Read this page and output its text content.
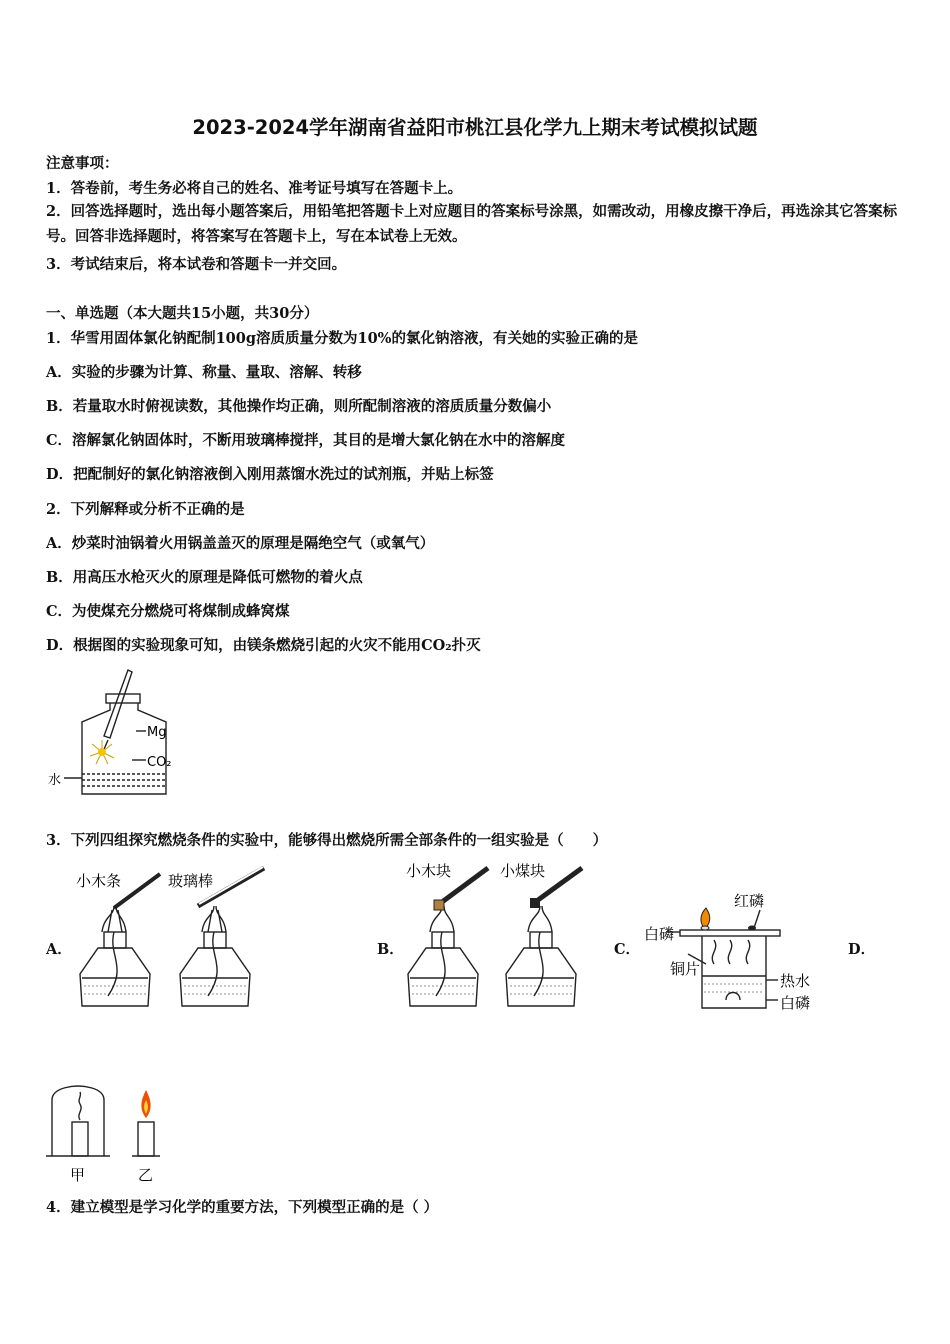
2023-2024学年湖南省益阳市桃江县化学九上期末考试模拟试题
注意事项：
1．答卷前，考生务必将自己的姓名、准考证号填写在答题卡上。
2．回答选择题时，选出每小题答案后，用铅笔把答题卡上对应题目的答案标号涂黑，如需改动，用橡皮擦干净后，再选涂其它答案标号。回答非选择题时，将答案写在答题卡上，写在本试卷上无效。
3．考试结束后，将本试卷和答题卡一并交回。
一、单选题（本大题共15小题，共30分）
1．华雪用固体氯化钠配制100g溶质质量分数为10%的氯化钠溶液，有关她的实验正确的是
A．实验的步骤为计算、称量、量取、溶解、转移
B．若量取水时俯视读数，其他操作均正确，则所配制溶液的溶质质量分数偏小
C．溶解氯化钠固体时，不断用玻璃棒搅拌，其目的是增大氯化钠在水中的溶解度
D．把配制好的氯化钠溶液倒入刚用蒸馏水洗过的试剂瓶，并贴上标签
2．下列解释或分析不正确的是
A．炒菜时油锅着火用锅盖盖灭的原理是隔绝空气（或氧气）
B．用高压水枪灭火的原理是降低可燃物的着火点
C．为使煤充分燃烧可将煤制成蜂窝煤
D．根据图的实验现象可知，由镁条燃烧引起的火灾不能用CO₂扑灭
Mg
CO₂
水
3．下列四组探究燃烧条件的实验中，能够得出燃烧所需全部条件的一组实验是（　　）
A．	B．	C．	D．
小木条	玻璃棒
小木块	小煤块
红磷
白磷
铜片
热水
白磷
甲	乙
4．建立模型是学习化学的重要方法，下列模型正确的是（ ）
